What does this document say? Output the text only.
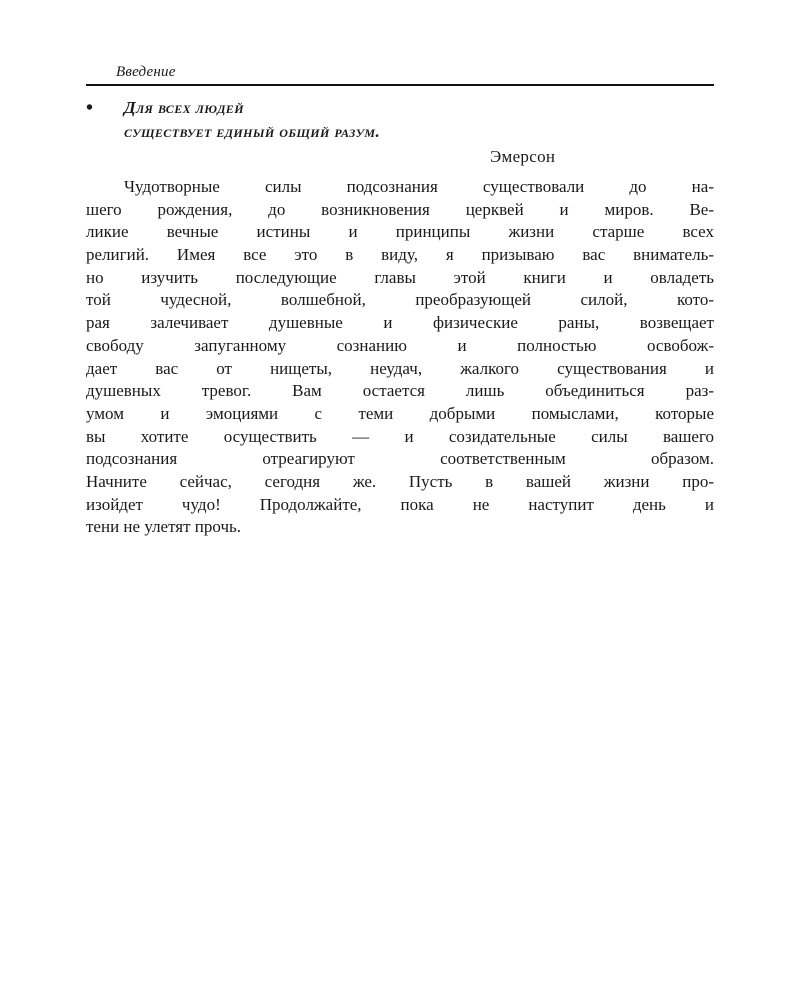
Введение
• Для всех людей
существует единый общий разум.
Эмерсон
Чудотворные силы подсознания существовали до на-
шего рождения, до возникновения церквей и миров. Ве-
ликие вечные истины и принципы жизни старше всех
религий. Имея все это в виду, я призываю вас вниматель-
но изучить последующие главы этой книги и овладеть
той чудесной, волшебной, преобразующей силой, кото-
рая залечивает душевные и физические раны, возвещает
свободу запуганному сознанию и полностью освобож-
дает вас от нищеты, неудач, жалкого существования и
душевных тревог. Вам остается лишь объединиться раз-
умом и эмоциями с теми добрыми помыслами, которые
вы хотите осуществить — и созидательные силы вашего
подсознания отреагируют соответственным образом.
Начните сейчас, сегодня же. Пусть в вашей жизни про-
изойдет чудо! Продолжайте, пока не наступит день и
тени не улетят прочь.
